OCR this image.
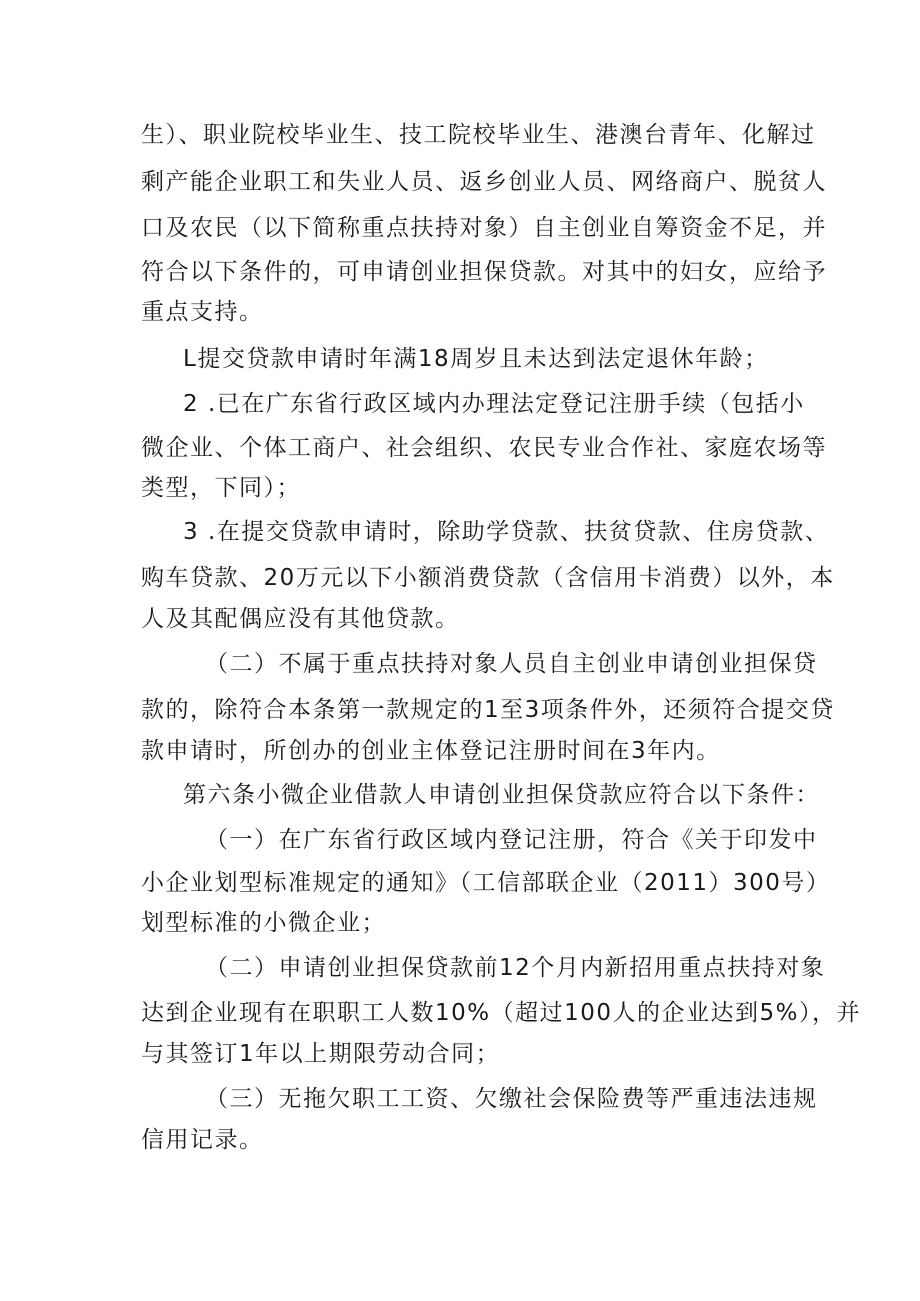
生）、职业院校毕业生、技工院校毕业生、港澳台青年、化解过
剩产能企业职工和失业人员、返乡创业人员、网络商户、脱贫人
口及农民（以下简称重点扶持对象）自主创业自筹资金不足，并
符合以下条件的，可申请创业担保贷款。对其中的妇女，应给予
重点支持。
L提交贷款申请时年满18周岁且未达到法定退休年龄；
2 .已在广东省行政区域内办理法定登记注册手续（包括小
微企业、个体工商户、社会组织、农民专业合作社、家庭农场等
类型，下同）；
3 .在提交贷款申请时，除助学贷款、扶贫贷款、住房贷款、
购车贷款、20万元以下小额消费贷款（含信用卡消费）以外，本
人及其配偶应没有其他贷款。
（二）不属于重点扶持对象人员自主创业申请创业担保贷
款的，除符合本条第一款规定的1至3项条件外，还须符合提交贷
款申请时，所创办的创业主体登记注册时间在3年内。
第六条小微企业借款人申请创业担保贷款应符合以下条件：
（一）在广东省行政区域内登记注册，符合《关于印发中
小企业划型标准规定的通知》（工信部联企业（2011）300号）
划型标准的小微企业；
（二）申请创业担保贷款前12个月内新招用重点扶持对象
达到企业现有在职职工人数10%（超过100人的企业达到5%），并
与其签订1年以上期限劳动合同；
（三）无拖欠职工工资、欠缴社会保险费等严重违法违规
信用记录。
